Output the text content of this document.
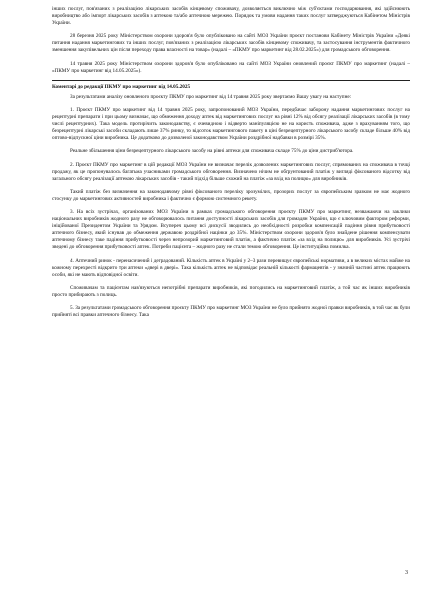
інших послуг, пов'язаних з реалізацією лікарських засобів кінцевому споживачу, дозволяється виключно між суб'єктами господарювання, які здійснюють виробництво або імпорт лікарських засобів з аптекою та/або аптечною мережею. Порядок та умови надання таких послуг затверджуються Кабінетом Міністрів України.

28 березня 2025 року Міністерством охорони здоров'я було опубліковано на сайті МОЗ України проєкт постанови Кабінету Міністрів України «Деякі питання надання маркетингових та інших послуг, пов'язаних з реалізацією лікарських засобів кінцевому споживачу, та застосування інструментів фактичного зменшення закупівельних цін після переходу права власності на товар» (надалі – «ПКМУ про маркетинг від 28.02.2025») для громадського обговорення.

14 травня 2025 року Міністерством охорони здоров'я було опубліковано на сайті МОЗ України оновлений проєкт ПКМУ про маркетинг (надалі – «ПКМУ про маркетинг від 14.05.2025»).

Коментарі до редакції ПКМУ про маркетинг від 14.05.2025

За результатами аналізу оновленого проєкту ПКМУ про маркетинг від 14 травня 2025 року звертаємо Вашу увагу на наступне:

1. Проєкт ПКМУ про маркетинг від 14 травня 2025 року, запропонований МОЗ України, передбачає заборону надання маркетингових послуг на рецептурні препарати і при цьому визначає, що обмеження доходу аптек від маркетингових послуг на рівні 12% від обсягу реалізації лікарських засобів (в тому числі рецептурних). Така модель протирічить законодавству, є очевидною і відверто маніпуляцією не на користь споживача, адже з врахуванням того, що безрецептурні лікарські засоби складають лише 37% ринку, то відсоток маркетингового пакету в ціні безрецептурного лікарського засобу складе більше 40% від оптово-відпускної ціни виробника. Це додатково до дозволеної законодавством України роздрібної надбавки в розмірі 35%.

Реальне збільшення ціни безрецептурного лікарського засобу на рівні аптеки для споживача складе 75% до ціни дистриб'ютора.

2. Проєкт ПКМУ про маркетинг в цій редакції МОЗ України не визначає перелік дозволених маркетингових послуг, спрямованих на споживача в точці продажу, як це пропонувалось багатьма учасниками громадського обговорення. Визначено нічим не обґрунтований платіж у вигляді фіксованого відсотку від загального обсягу реалізації аптекою лікарських засобів - такий підхід більше схожий на платіж «за вхід на полицю» для виробників.

Такий платіж без визначення на законодавчому рівні фіксованого переліку зрозумілих, прозорих послуг за європейським зразком не має жодного стосунку до маркетингових активностей виробника і фактично є формою системного рекету.

3. На всіх зустрічах, організованих МОЗ України в рамках громадського обговорення проєкту ПКМУ про маркетинг, незважаючи на заклики національних виробників жодного разу не обговорювалось питання доступності лікарських засобів для громадян України, що є ключовим фактором реформи, ініційованої Президентом України та Урядом. Всупереч цьому всі дискусії зводились до необхідності розробки компенсацій падіння рівня прибутковості аптечного бізнесу, який існував до обмеження державою роздрібної націнки до 35%. Міністерством охорони здоров'я було знайдене рішення компенсувати аптечному бізнесу таке падіння прибутковості через непрозорий маркетинговий платіж, а фактично платіж «за вхід на полицю» для виробників. Усі зустрічі зведені до обговорення прибутковості аптек. Потреби пацієнта – жодного разу не стали темою обговорення. Це інституційна помилка.

4. Аптечний ринок - перенасичений і деградований. Кількість аптек в Україні у 2–3 рази перевищує європейські нормативи, а в великих містах майже на кожному перехресті відкрито три аптеки «двері в двері». Така кількість аптек не відповідає реальній кількості фармацевтів - у значній частині аптек працюють особи, які не мають відповідної освіти.

Споживачам та пацієнтам нав'язуються непотрібні препарати виробників, які погодились на маркетинговий платіж, а той час як інших виробників просто прибирають з полиць.

5. За результатами громадського обговорення проєкту ПКМУ про маркетинг МОЗ України не було прийнято жодної правки виробників, в той час як були прийняті всі правки аптечного бізнесу. Така

3
